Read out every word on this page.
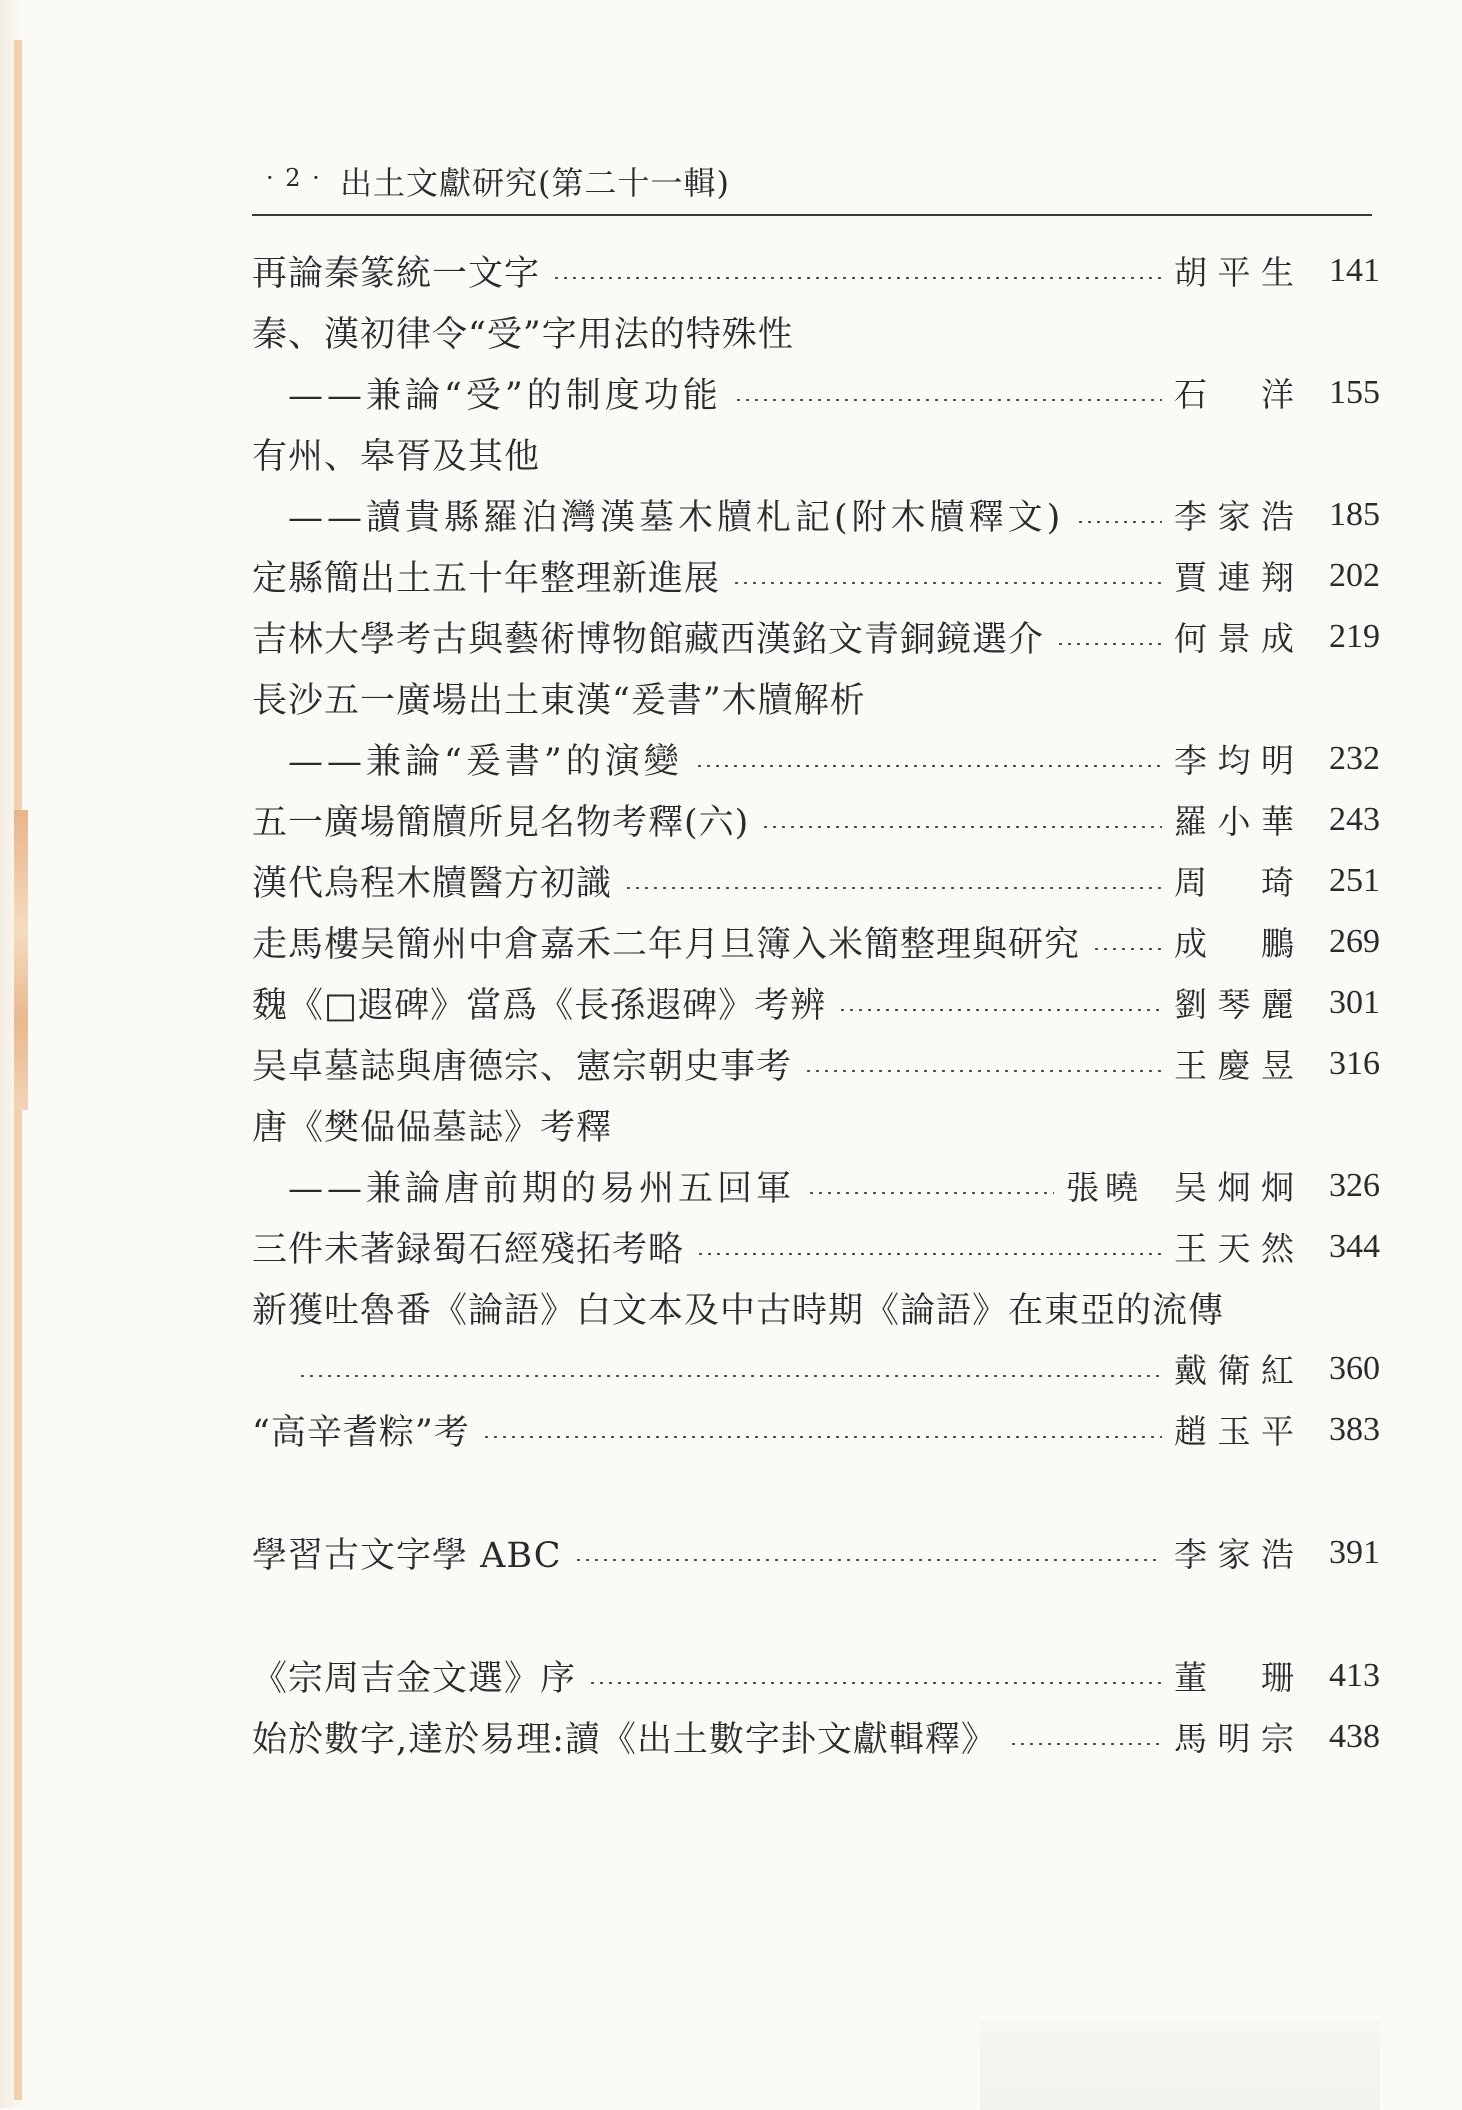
· 2 · 出土文獻研究(第二十一輯)
再論秦篆統一文字	胡平生	141
秦、漢初律令“受”字用法的特殊性
——兼論“受”的制度功能	石　洋	155
有州、皋胥及其他
——讀貴縣羅泊灣漢墓木牘札記(附木牘釋文)	李家浩	185
定縣簡出土五十年整理新進展	賈連翔	202
吉林大學考古與藝術博物館藏西漢銘文青銅鏡選介	何景成	219
長沙五一廣場出土東漢“爰書”木牘解析
——兼論“爰書”的演變	李均明	232
五一廣場簡牘所見名物考釋(六)	羅小華	243
漢代烏程木牘醫方初識	周　琦	251
走馬樓吴簡州中倉嘉禾二年月旦簿入米簡整理與研究	成　鵬	269
魏《□遐碑》當爲《長孫遐碑》考辨	劉琴麗	301
吴卓墓誌與唐德宗、憲宗朝史事考	王慶昱	316
唐《樊偘偘墓誌》考釋
——兼論唐前期的易州五回軍	張曉 吴炯炯	326
三件未著録蜀石經殘拓考略	王天然	344
新獲吐魯番《論語》白文本及中古時期《論語》在東亞的流傳
戴衛紅	360
“高辛耆粽”考	趙玉平	383
學習古文字學 ABC	李家浩	391
《宗周吉金文選》序	董　珊	413
始於數字,達於易理:讀《出土數字卦文獻輯釋》	馬明宗	438
